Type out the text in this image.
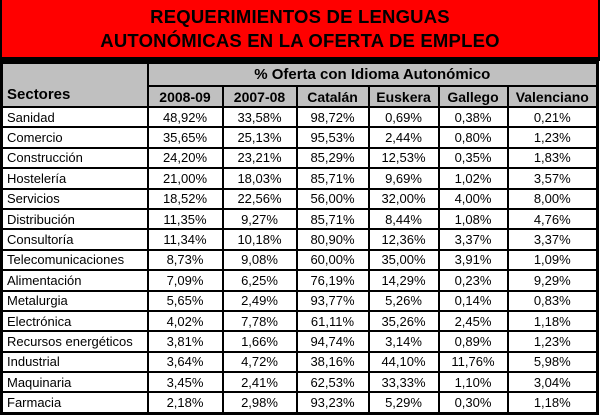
REQUERIMIENTOS DE LENGUAS
AUTONÓMICAS EN LA OFERTA DE EMPLEO
Sectores	% Oferta con Idioma Autonómico					
	2008-09	2007-08	Catalán	Euskera	Gallego	Valenciano
Sanidad	48,92%	33,58%	98,72%	0,69%	0,38%	0,21%
Comercio	35,65%	25,13%	95,53%	2,44%	0,80%	1,23%
Construcción	24,20%	23,21%	85,29%	12,53%	0,35%	1,83%
Hostelería	21,00%	18,03%	85,71%	9,69%	1,02%	3,57%
Servicios	18,52%	22,56%	56,00%	32,00%	4,00%	8,00%
Distribución	11,35%	9,27%	85,71%	8,44%	1,08%	4,76%
Consultoría	11,34%	10,18%	80,90%	12,36%	3,37%	3,37%
Telecomunicaciones	8,73%	9,08%	60,00%	35,00%	3,91%	1,09%
Alimentación	7,09%	6,25%	76,19%	14,29%	0,23%	9,29%
Metalurgia	5,65%	2,49%	93,77%	5,26%	0,14%	0,83%
Electrónica	4,02%	7,78%	61,11%	35,26%	2,45%	1,18%
Recursos energéticos	3,81%	1,66%	94,74%	3,14%	0,89%	1,23%
Industrial	3,64%	4,72%	38,16%	44,10%	11,76%	5,98%
Maquinaria	3,45%	2,41%	62,53%	33,33%	1,10%	3,04%
Farmacia	2,18%	2,98%	93,23%	5,29%	0,30%	1,18%
